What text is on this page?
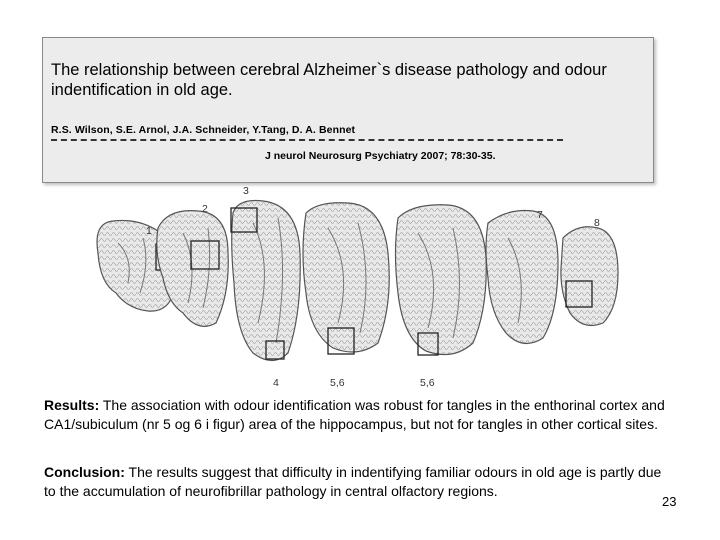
The relationship between cerebral Alzheimer`s disease pathology and odour indentification in old age.
R.S. Wilson, S.E. Arnol, J.A. Schneider, Y.Tang, D. A. Bennet
J neurol Neurosurg Psychiatry 2007; 78:30-35.
1
2
3
4	5,6	5,6
7
8

Results: The association with odour identification was robust for tangles in the enthorinal cortex and CA1/subiculum (nr 5 og 6 i figur) area of the hippocampus, but not for tangles in other cortical sites.

Conclusion: The results suggest that difficulty in indentifying familiar odours in old age is partly due to the accumulation of neurofibrillar pathology in central olfactory regions.

23
